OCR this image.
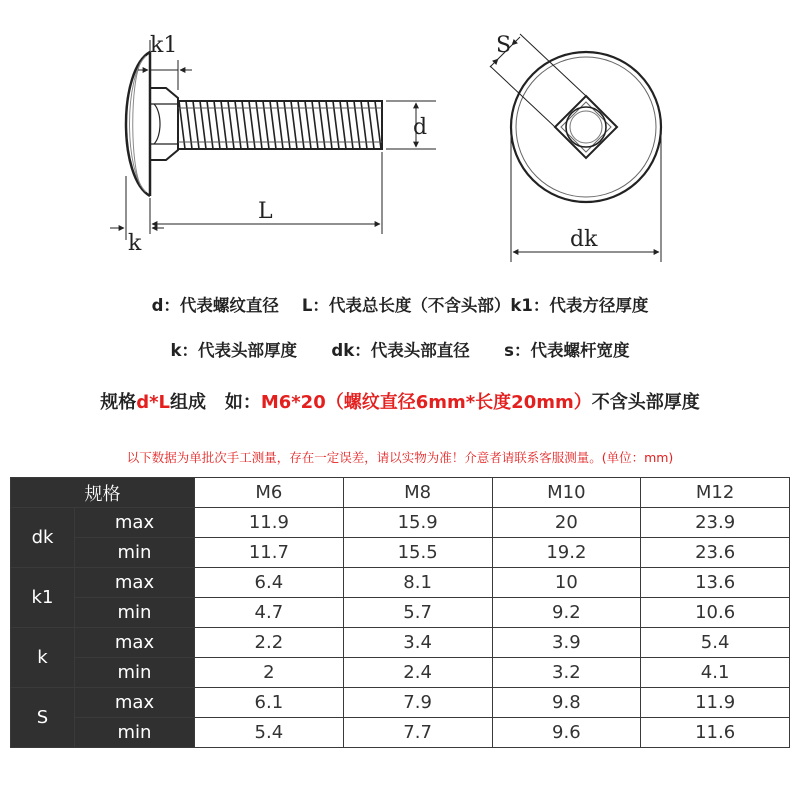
k1
d
L
k
S
dk
d：代表螺纹直径    L：代表总长度（不含头部）k1：代表方径厚度
k：代表头部厚度      dk：代表头部直径      s：代表螺杆宽度
规格d*L组成   如：M6*20（螺纹直径6mm*长度20mm）不含头部厚度
以下数据为单批次手工测量，存在一定误差，请以实物为准！介意者请联系客服测量。(单位：mm)
规格		M6	M8	M10	M12
dk	max	11.9	15.9	20	23.9
	min	11.7	15.5	19.2	23.6
k1	max	6.4	8.1	10	13.6
	min	4.7	5.7	9.2	10.6
k	max	2.2	3.4	3.9	5.4
	min	2	2.4	3.2	4.1
S	max	6.1	7.9	9.8	11.9
	min	5.4	7.7	9.6	11.6
